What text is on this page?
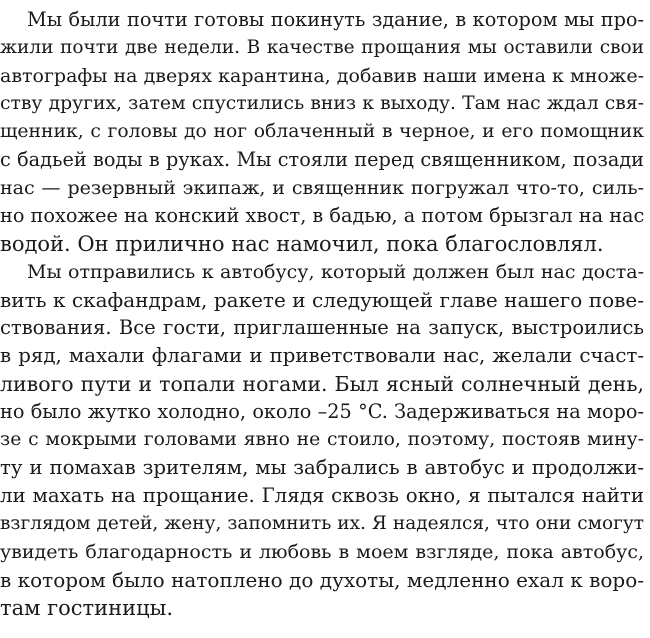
Мы были почти готовы покинуть здание, в котором мы про-
жили почти две недели. В качестве прощания мы оставили свои
автографы на дверях карантина, добавив наши имена к множе-
ству других, затем спустились вниз к выходу. Там нас ждал свя-
щенник, с головы до ног облаченный в черное, и его помощник
с бадьей воды в руках. Мы стояли перед священником, позади
нас — резервный экипаж, и священник погружал что-то, силь-
но похожее на конский хвост, в бадью, а потом брызгал на нас
водой. Он прилично нас намочил, пока благословлял.
Мы отправились к автобусу, который должен был нас доста-
вить к скафандрам, ракете и следующей главе нашего пове-
ствования. Все гости, приглашенные на запуск, выстроились
в ряд, махали флагами и приветствовали нас, желали счаст-
ливого пути и топали ногами. Был ясный солнечный день,
но было жутко холодно, около –25 °C. Задерживаться на моро-
зе с мокрыми головами явно не стоило, поэтому, постояв мину-
ту и помахав зрителям, мы забрались в автобус и продолжи-
ли махать на прощание. Глядя сквозь окно, я пытался найти
взглядом детей, жену, запомнить их. Я надеялся, что они смогут
увидеть благодарность и любовь в моем взгляде, пока автобус,
в котором было натоплено до духоты, медленно ехал к воро-
там гостиницы.
